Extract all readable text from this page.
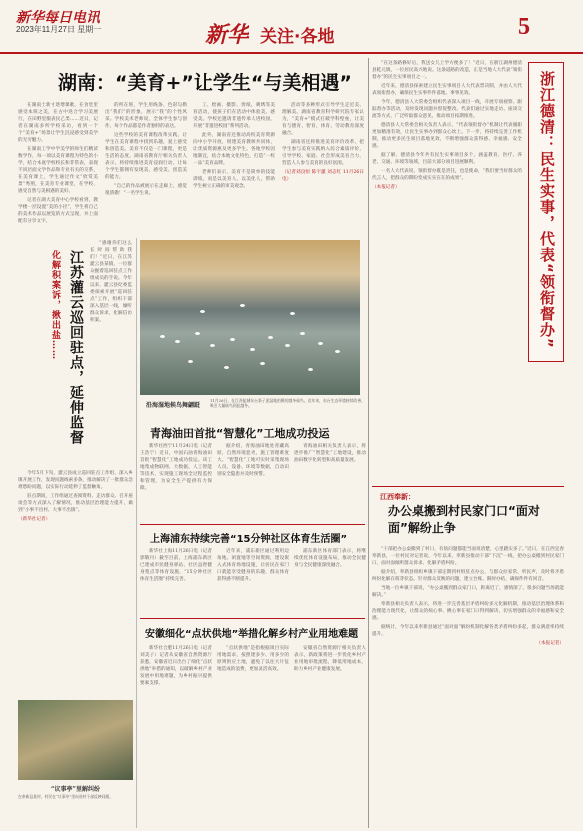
新华每日电讯
2023年11月27日 星期一	新华 关注·各地	5
湖南：“美育+”让学生“与美相遇”

在湖南土新寸逐增课歌，在食堂里感受本班之美，在古中迭合学习美展行，在田野里服表民乙类……近日，记者在湖南多所学校采访，看到一个个“美育+”场景让学生沉浸感受到美学的无穷魅力。

在湖南工学中学美学的师生们精读数学作，每一项以美育课程为特色的小学，结合本底学校校长和非常表，表现不同层面文学作品和专业有关的交系，在美育课上，学生通过作文“欣赏美景”秀照，在美育专业课堂，在学校，感受自然与美相遇的美好。

记者在湖大美育中心学校看到，教学楼一层设置“美的小径”，学生将自己的美术作品以展览的方式呈现，并上面配有分享文字。

的所在班，学生用线条、色彩勾勒出“我们”的形象，展示“我”的个性风采。学校美术老师说，全体学生参与创作，每个作品都是作者独特的表达。

这些学校的美育课程改革实践，让学生在美育课程中找到乐趣，爱上感受和创造美。美育不仅是一门课程，更是生活的态度。湖南省教育厅相关负责人表示，将持续推进美育浸润行动，让每个学生都拥有发现美、感受美、创造美的能力。

“自己的作品被展示在走廊上，感觉很骄傲！”一名学生说。

工、绘画、摄影、剪纸、刺绣等美育活动，使孩子们在活动中体验美、感受美。学校还邀请非遗传承人进校园，开展“非遗进校园”系列活动。

此外，湖南省还推动高校美育资源向中小学开放，组建美育教师共同体，让优质资源惠及更多学生。各地学校因地制宜，结合本地文化特色，打造“一校一品”美育品牌。

老师们表示，美育不是简单的技能训练，而是以美育人、以美化人，帮助学生树立正确的审美观念。

活动等多种形式引导学生走近美、理解美。湖南省教育科学研究院专家认为，“美育+”模式打破学科壁垒，让美育与德育、智育、体育、劳动教育深度融合。

湖南省还将推进美育评价改革，把学生参与美育实践纳入综合素质评价，引导学校、家庭、社会形成美育合力，营造人人参与美育的良好氛围。

（记者刘良恒 陈宇蕙 刘志红 11月26日电）

江苏灌云巡回驻点，延伸监督
化解积案诉，揪出盐……

“感谢你们这么长时间帮助我们！”近日，在江苏灌云县某镇，一位群众握着巡回驻点工作组成员的手说。今年以来，灌云县纪委监委探索开展“巡回驻点”工作，组织干部深入基层一线，倾听群众诉求，化解信访积案。

今年5月下旬，灌云县成立巡回驻点工作组，深入乡镇开展工作，发现问题线索多条，推动解决了一批群众急难愁盼问题，以实际行动延伸了监督触角。

驻点期间，工作组通过查阅资料、走访群众、召开座谈会等方式深入了解情况，推动基层治理能力提升，做到“小事不出村、大事不出镇”。

（新华社记者）

沿海湿地候鸟舞翩跹
11月26日，在江苏盐城东台条子泥湿地拍摄的越冬候鸟。近年来，东台生态环境持续改善，吸引大量候鸟到此越冬。
青海油田首批“智慧化”工地成功投运

新华社西宁11月24日电（记者王浩宁）近日，中国石油青海油田首批“智慧化”工地成功投运。该工地集成物联网、大数据、人工智能等技术，实现施工现场全过程监控和管理，为安全生产提供有力保障。

据介绍，青海油田地处青藏高原，自然环境恶劣，施工管理难度大。“智慧化”工地可实时采集现场人员、设备、环境等数据，自动识别安全隐患并及时预警。

青海油田相关负责人表示，将逐步推广“智慧化”工地建设，推动油田数字化转型和高质量发展。

上海浦东持续完善“15分钟社区体育生活圈”

新华社上海11月26日电（记者郭敬丹）截至目前，上海浦东新区已建成市民健身驿站、社区益智健身苑点等体育设施，“15分钟社区体育生活圈”持续完善。

近年来，浦东新区通过利用边角地、闲置地等空间资源，建设嵌入式体育场地设施，让居民在家门口就能享受健身的乐趣，群众体育获得感不断提升。

浦东新区体育部门表示，将继续优化体育设施布局，推动全民健身与全民健康深度融合。

安徽细化“点状供地”举措化解乡村产业用地难题

新华社合肥11月26日电（记者刘美子）记者从安徽省自然资源厅获悉，安徽省近日出台了细化“点状供地”举措的通知，以破解乡村产业发展中用地难题，为乡村振兴提供要素支撑。

“点状供地”是指根据项目实际用地需求，按照建多少、用多少的原则供应土地，避免了以往大片征地造成的浪费，更加灵活高效。

安徽省自然资源厅相关负责人表示，新政策将进一步优化乡村产业用地审批流程，降低用地成本，助力乡村产业健康发展。

“议事亭”里解纠纷
在奉新县某村，村民在“议事亭”里向驻村干部反映问题。

“在这条路修好后，我送女儿上学方便多了！”近日，在浙江湖州德清县乾元镇，一位居民高兴地说。这条道路的改造，正是当地人大代表“领衔督办”的民生实事项目之一。

近年来，德清县探索建立民生实事项目人大代表票决制，并由人大代表领衔督办，确保民生实事件件落地、事事见效。

今年，德清县人大常委会组织代表深入项目一线，开展专项视察、跟踪督办等活动，及时发现问题并督促整改。代表们通过实地走访、座谈交流等方式，广泛听取群众意见，推动项目按期推进。

德清县人大常委会相关负责人表示，“代表领衔督办”机制让代表履职更加精准有效，让民生实事办到群众心坎上。下一步，将持续完善工作机制，推动更多民生项目落地见效，不断增强群众获得感、幸福感、安全感。

据了解，德清县今年共有民生实事项目多个，涵盖教育、医疗、养老、交通、环境等领域，目前大部分项目进展顺利。

一名人大代表说，领衔督办既是责任，也是使命，“我们要当好群众的代言人，把群众的期盼变成实实在在的成果”。

（本报记者）	浙江德清：民生实事，代表“领衔督办”
江西奉新：
办公桌搬到村民家门口“面对面”解纷止争

“干部把办公桌搬到了村口，有啥问题都能当面说清楚，心里踏实多了。”近日，在江西宜春奉新县，一位村民对记者说。今年以来，奉新县推动干部“下沉”一线，把办公桌搬到村民家门口，面对面倾听群众诉求、化解矛盾纠纷。

据介绍，奉新县组织乡镇干部定期到村组驻点办公，与群众拉家常、听民声，及时将矛盾纠纷化解在萌芽状态。针对群众反映的问题，建立台账、限时办结，确保件件有回音。

当地一位乡镇干部说，“办公桌搬到群众家门口，距离近了，感情深了，很多问题当场就能解决。”

奉新县相关负责人表示，将进一步完善基层矛盾纠纷多元化解机制，推动基层治理体系和治理能力现代化，让群众的烦心事、揪心事在家门口得到解决，切实增强群众的幸福感和安全感。

据统计，今年以来奉新县通过“面对面”解纷机制化解各类矛盾纠纷多起，群众满意率持续提升。

（本报记者）
